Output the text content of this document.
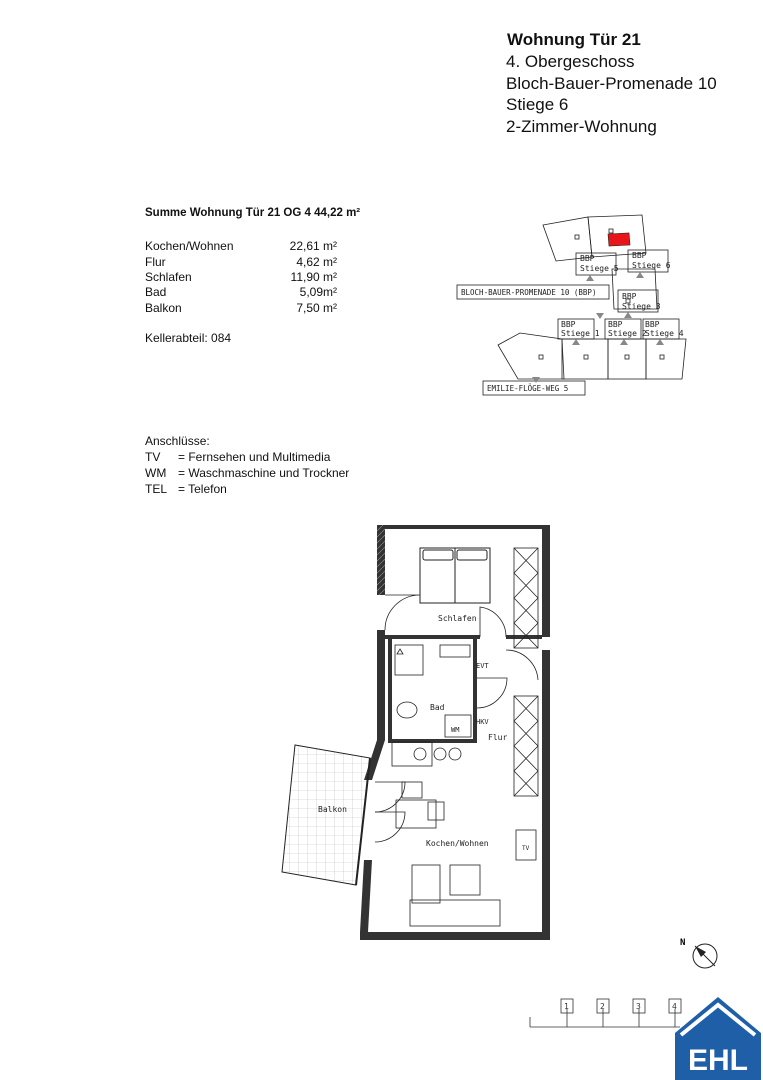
Wohnung Tür 21
4. Obergeschoss
Bloch-Bauer-Promenade 10
Stiege 6
2-Zimmer-Wohnung
Summe Wohnung Tür 21 OG 4 44,22 m²
Kochen/Wohnen	22,61 m²
Flur	4,62 m²
Schlafen	11,90 m²
Bad	5,09m²
Balkon	7,50 m²
Kellerabteil: 084
Anschlüsse:
TV = Fernsehen und Multimedia
WM = Waschmaschine und Trockner
TEL = Telefon
BBP
Stiege 5
BBP
Stiege 6
BBP
Stiege 3
BBP
Stiege 1
BBP
Stiege 2
BBP
Stiege 4
BLOCH-BAUER-PROMENADE 10 (BBP)
EMILIE-FLÖGE-WEG 5
Schlafen
Bad
Flur
Balkon
Kochen/Wohnen
EVT
HKV
WM
TV
N
1	2	3	4
EHL
